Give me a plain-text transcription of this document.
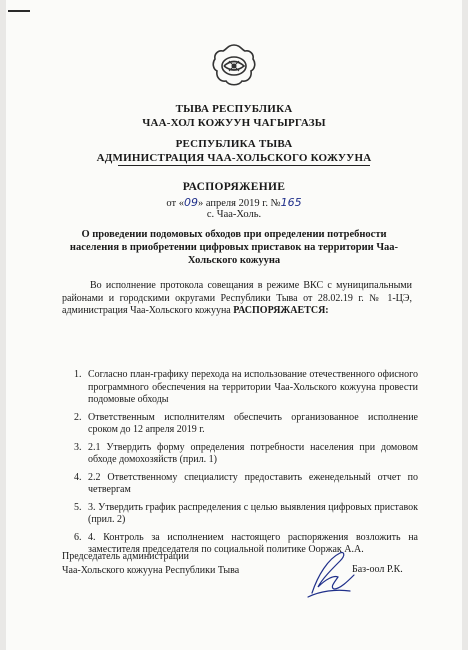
ТЫВА РЕСПУБЛИКА
ЧАА-ХОЛ КОЖУУН ЧАГЫРГАЗЫ
РЕСПУБЛИКА ТЫВА
АДМИНИСТРАЦИЯ ЧАА-ХОЛЬСКОГО КОЖУУНА
РАСПОРЯЖЕНИЕ
от «09» апреля 2019 г. №165
с. Чаа-Холь.
О проведении подомовых обходов при определении потребности населения в приобретении цифровых приставок на территории Чаа-Хольского кожууна
Во исполнение протокола совещания в режиме ВКС с муниципальными районами и городскими округами Республики Тыва от 28.02.19 г. № 1-ЦЭ, администрация Чаа-Хольского кожууна РАСПОРЯЖАЕТСЯ:
1. Согласно план-графику перехода на использование отечественного офисного программного обеспечения на территории Чаа-Хольского кожууна провести подомовые обходы
2. Ответственным исполнителям обеспечить организованное исполнение сроком до 12 апреля 2019 г.
3. 2.1 Утвердить форму определения потребности населения при домовом обходе домохозяйств (прил. 1)
4. 2.2 Ответственному специалисту предоставить еженедельный отчет по четвергам
5. 3. Утвердить график распределения с целью выявления цифровых приставок (прил. 2)
6. 4. Контроль за исполнением настоящего распоряжения возложить на заместителя председателя по социальной политике Ооржак А.А.
Председатель администрации
Чаа-Хольского кожууна Республики Тыва	Баз-оол Р.К.
